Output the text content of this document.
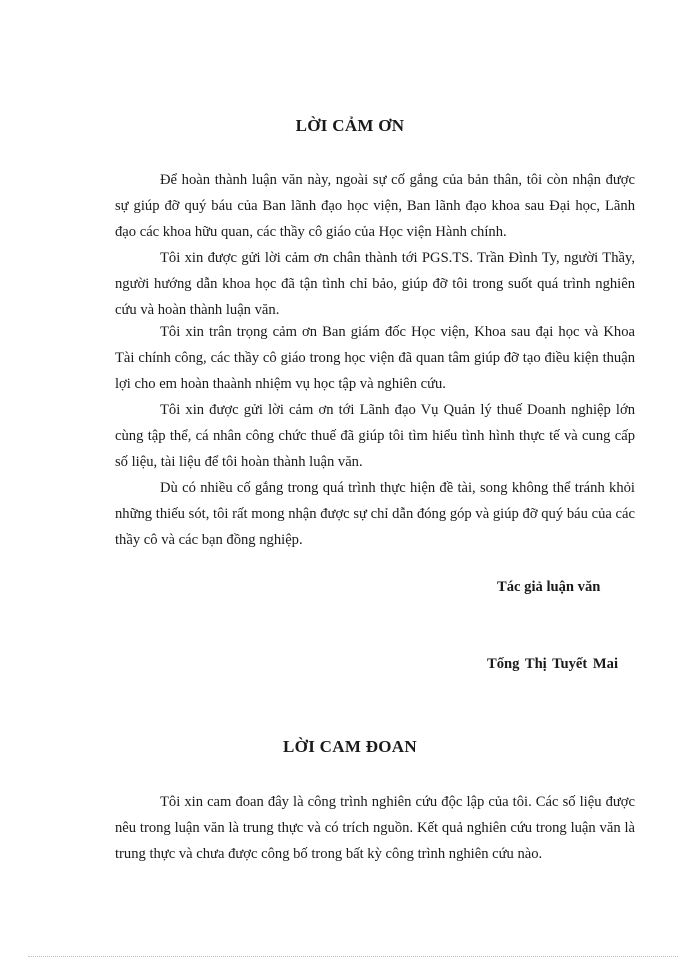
LỜI CẢM ƠN

Để hoàn thành luận văn này, ngoài sự cố gắng của bản thân, tôi còn nhận được sự giúp đỡ quý báu của Ban lãnh đạo học viện, Ban lãnh đạo khoa sau Đại học, Lãnh đạo các khoa hữu quan, các thầy cô giáo của Học viện Hành chính.

Tôi xin được gửi lời cảm ơn chân thành tới PGS.TS. Trần Đình Ty, người Thầy, người hướng dẫn khoa học đã tận tình chỉ bảo, giúp đỡ tôi trong suốt quá trình nghiên cứu và hoàn thành luận văn.

Tôi xin trân trọng cảm ơn Ban giám đốc Học viện, Khoa sau đại học và Khoa Tài chính công, các thầy cô giáo trong học viện đã quan tâm giúp đỡ tạo điều kiện thuận lợi cho em hoàn thaành nhiệm vụ học tập và nghiên cứu.

Tôi xin được gửi lời cảm ơn tới Lãnh đạo Vụ Quản lý thuế Doanh nghiệp lớn cùng tập thể, cá nhân công chức thuế đã giúp tôi tìm hiểu tình hình thực tế và cung cấp số liệu, tài liệu để tôi hoàn thành luận văn.

Dù có nhiều cố gắng trong quá trình thực hiện đề tài, song không thể tránh khỏi những thiếu sót, tôi rất mong nhận được sự chỉ dẫn đóng góp và giúp đỡ quý báu của các thầy cô và các bạn đồng nghiệp.

Tác giả luận văn

Tống Thị Tuyết Mai

LỜI CAM ĐOAN

Tôi xin cam đoan đây là công trình nghiên cứu độc lập của tôi. Các số liệu được nêu trong luận văn là trung thực và có trích nguồn. Kết quả nghiên cứu trong luận văn là trung thực và chưa được công bố trong bất kỳ công trình nghiên cứu nào.
